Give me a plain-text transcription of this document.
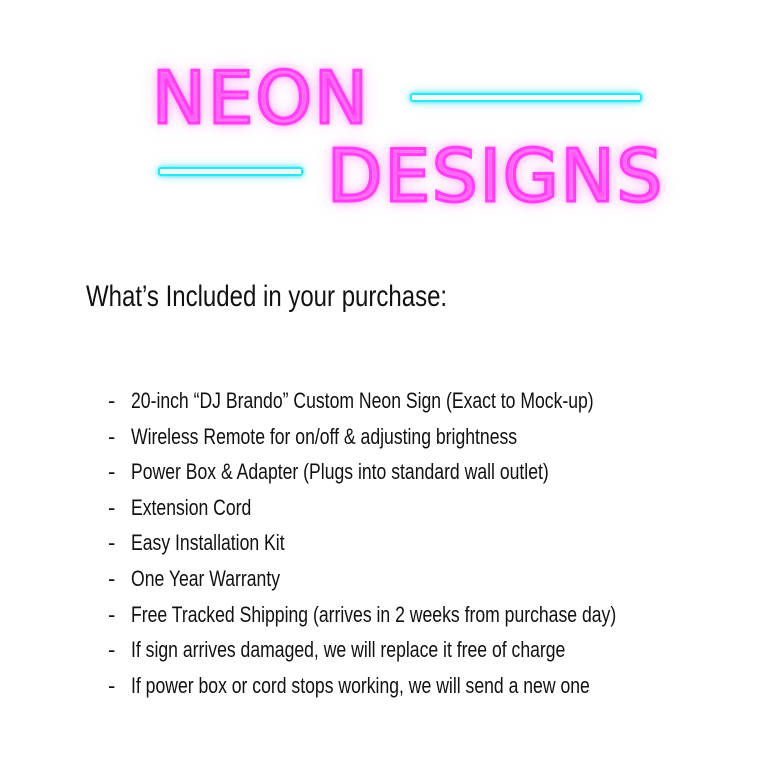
NEON
DESIGNS
What’s Included in your purchase:
- 20-inch “DJ Brando” Custom Neon Sign (Exact to Mock-up)
- Wireless Remote for on/off & adjusting brightness
- Power Box & Adapter (Plugs into standard wall outlet)
- Extension Cord
- Easy Installation Kit
- One Year Warranty
- Free Tracked Shipping (arrives in 2 weeks from purchase day)
- If sign arrives damaged, we will replace it free of charge
- If power box or cord stops working, we will send a new one
